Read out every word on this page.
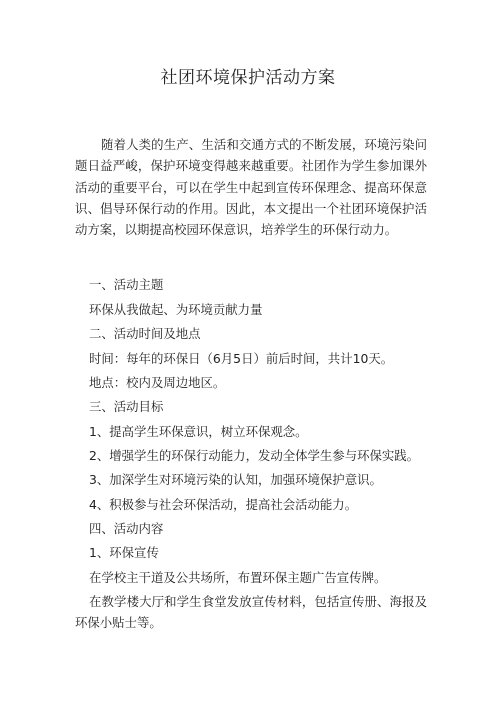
社团环境保护活动方案

随着人类的生产、生活和交通方式的不断发展，环境污染问题日益严峻，保护环境变得越来越重要。社团作为学生参加课外活动的重要平台，可以在学生中起到宣传环保理念、提高环保意识、倡导环保行动的作用。因此，本文提出一个社团环境保护活动方案，以期提高校园环保意识，培养学生的环保行动力。

一、活动主题

环保从我做起、为环境贡献力量

二、活动时间及地点

时间：每年的环保日（6月5日）前后时间，共计10天。

地点：校内及周边地区。

三、活动目标

1、提高学生环保意识，树立环保观念。

2、增强学生的环保行动能力，发动全体学生参与环保实践。

3、加深学生对环境污染的认知，加强环境保护意识。

4、积极参与社会环保活动，提高社会活动能力。

四、活动内容

1、环保宣传

在学校主干道及公共场所，布置环保主题广告宣传牌。

在教学楼大厅和学生食堂发放宣传材料，包括宣传册、海报及环保小贴士等。
